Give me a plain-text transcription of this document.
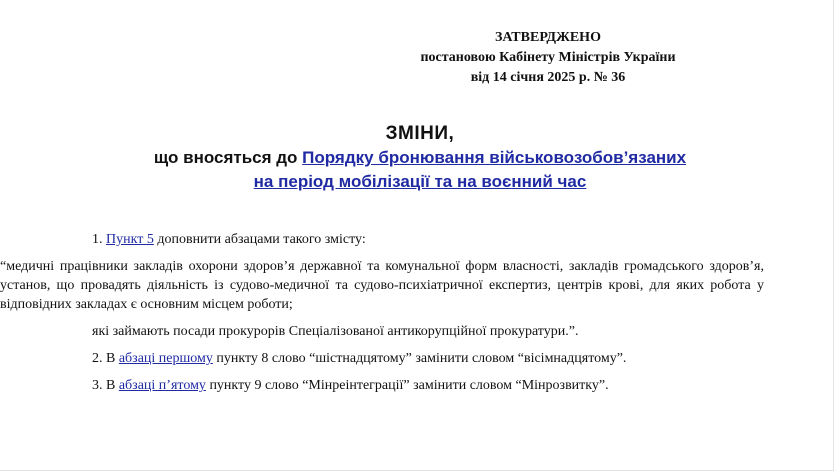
ЗАТВЕРДЖЕНО
постановою Кабінету Міністрів України
від 14 січня 2025 р. № 36
ЗМІНИ,
що вносяться до Порядку бронювання військовозобов’язаних
на період мобілізації та на воєнний час

1. Пункт 5 доповнити абзацами такого змісту:

“медичні працівники закладів охорони здоров’я державної та комунальної форм власності, закладів громадського здоров’я, установ, що провадять діяльність із судово-медичної та судово-психіатричної експертиз, центрів крові, для яких робота у відповідних закладах є основним місцем роботи;

які займають посади прокурорів Спеціалізованої антикорупційної прокуратури.”.

2. В абзаці першому пункту 8 слово “шістнадцятому” замінити словом “вісімнадцятому”.

3. В абзаці п’ятому пункту 9 слово “Мінреінтеграції” замінити словом “Мінрозвитку”.
